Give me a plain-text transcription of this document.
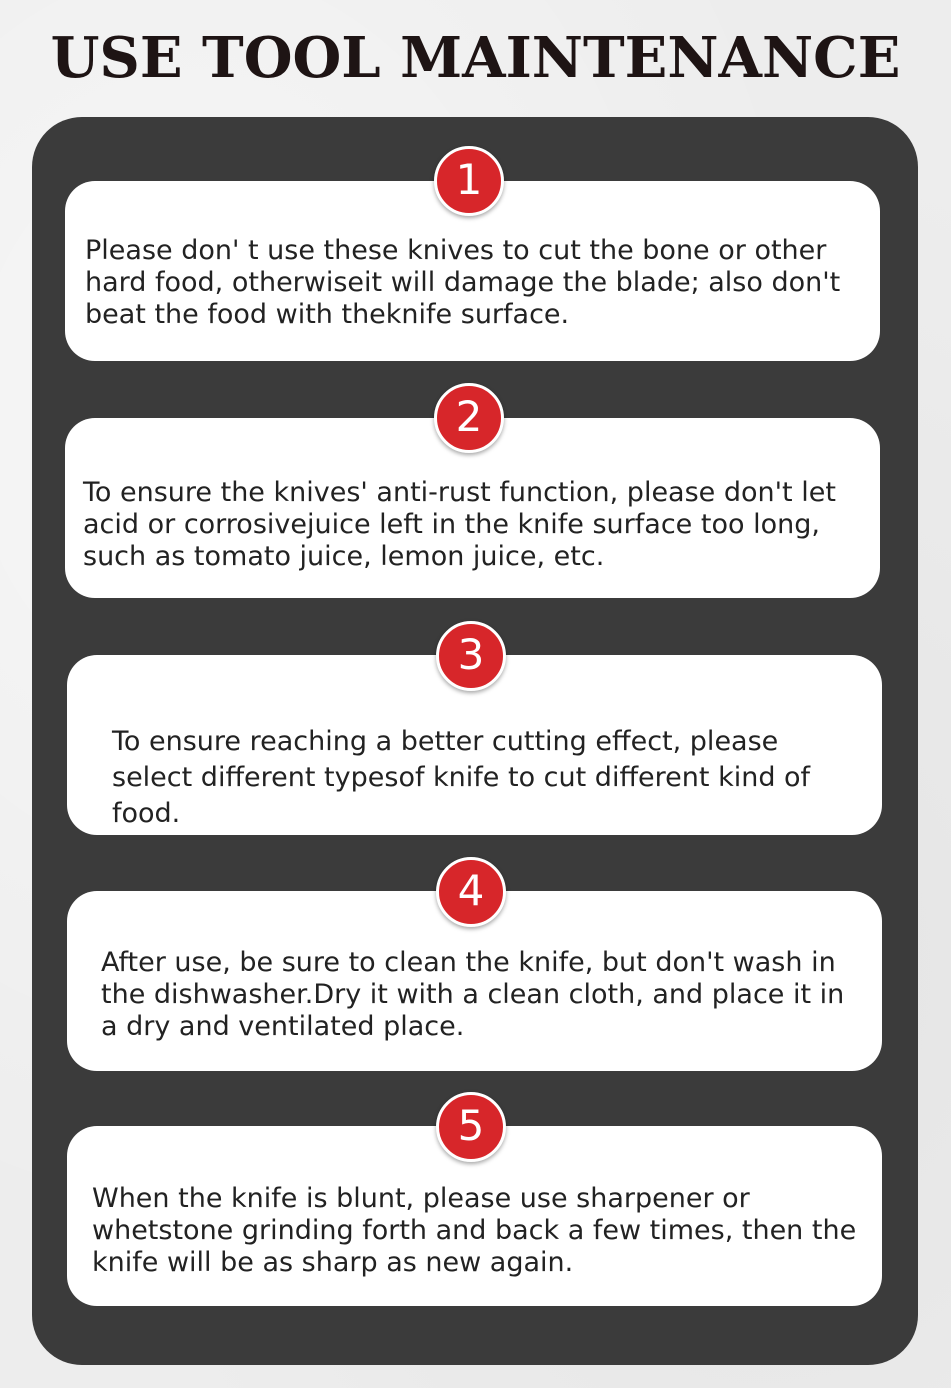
USE TOOL MAINTENANCE

Please don' t use these knives to cut the bone or other hard food, otherwiseit will damage the blade; also don't beat the food with theknife surface.

1

To ensure the knives' anti-rust function, please don't let acid or corrosivejuice left in the knife surface too long, such as tomato juice, lemon juice, etc.

2

To ensure reaching a better cutting effect, please select different typesof knife to cut different kind of food.

3

After use, be sure to clean the knife, but don't wash in the dishwasher.Dry it with a clean cloth, and place it in a dry and ventilated place.

4

When the knife is blunt, please use sharpener or whetstone grinding forth and back a few times, then the knife will be as sharp as new again.

5
